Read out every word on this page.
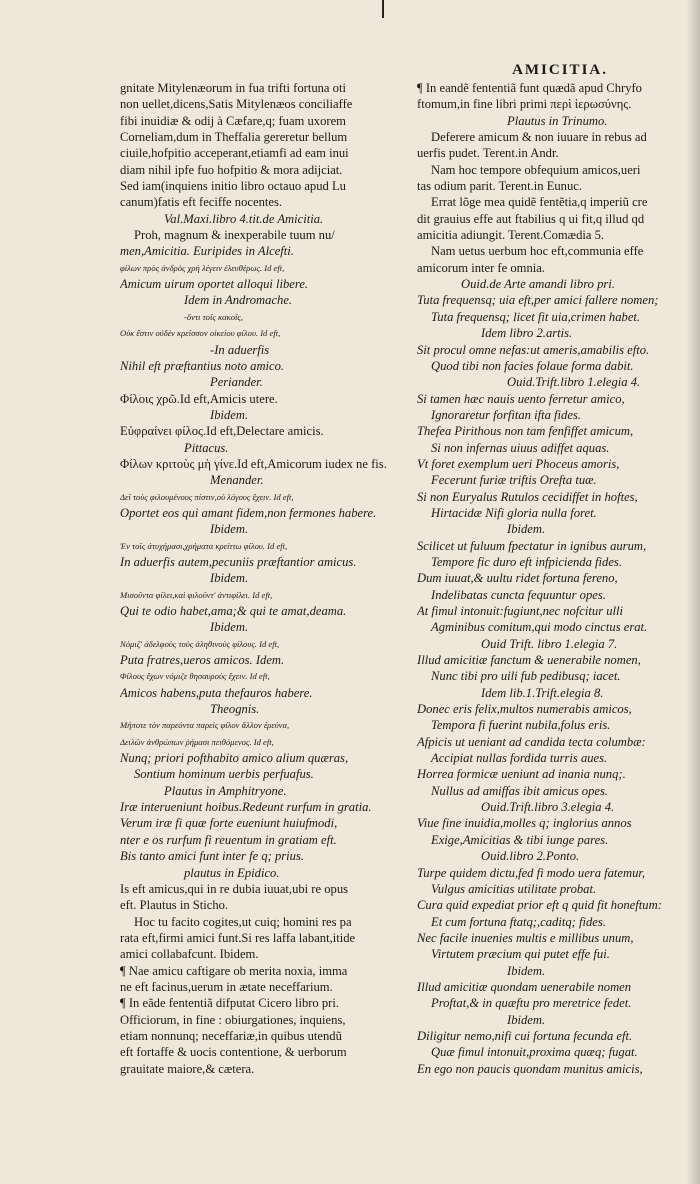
AMICITIA.
gnitate Mitylenæorum in fua trifti fortuna oti
non uellet,dicens,Satis Mitylenæos conciliaffe
fibi inuidiæ & odij à Cæfare,q; fuam uxorem
Corneliam,dum in Theffalia gereretur bellum
ciuile,hofpitio acceperant,etiamfi ad eam inui
diam nihil ipfe fuo hofpitio & mora adijciat.
Sed iam(inquiens initio libro octauo apud Lu
canum)fatis eft feciffe nocentes.
Val.Maxi.libro 4.tit.de Amicitia.
Proh, magnum & inexperabile tuum nu/
men,Amicitia. Euripides in Alcefti.
φίλων πρὸς ἀνδρὸς χρὴ λέγειν ἐλευθέρως. Id eft,
Amicum uirum oportet alloqui libere.
Idem in Andromache.
-ὄντι τοῖς κακοῖς,
Οὐκ ἔστιν οὐδὲν κρεῖσσον οἰκείου φίλου. Id eft,
-In aduerfis
Nihil eft præftantius noto amico.
Periander.
Φίλοις χρῶ.Id eft,Amicis utere.
Ibidem.
Εὐφραίνει φίλος.Id eft,Delectare amicis.
Pittacus.
Φίλων κριτοὺς μὴ γίνε.Id eft,Amicorum iudex ne fis.
Menander.
Δεῖ τοὺς φιλουμένους πίστιν,οὐ λόγους ἔχειν. Id eft,
Oportet eos qui amant fidem,non fermones habere.
Ibidem.
Ἐν τοῖς ἀτυχήμασι,χρήματα κρείττω φίλου. Id eft,
In aduerfis autem,pecuniis præftantior amicus.
Ibidem.
Μισοῦντα φίλει,καὶ φιλοῦντ' ἀντιφίλει. Id eft,
Qui te odio habet,ama;& qui te amat,deama.
Ibidem.
Νόμιζ' ἀδελφοὺς τοὺς ἀληθινοὺς φίλους. Id eft,
Puta fratres,ueros amicos. Idem.
Φίλους ἔχων νόμιζε θησαυροὺς ἔχειν. Id eft,
Amicos habens,puta thefauros habere.
Theognis.
Μήποτε τὸν παρεόντα παρεὶς φίλον ἄλλον ἐρεύνα,
Δειλῶν ἀνθρώπων ῥήμασι πειθόμενος. Id eft,
Nunq; priori pofthabito amico alium quæras,
Sontium hominum uerbis perfuafus.
Plautus in Amphitryone.
Iræ interueniunt hoibus.Redeunt rurfum in gratia.
Verum iræ fi quæ forte eueniunt huiufmodi,
nter e os rurfum fi reuentum in gratiam eft.
Bis tanto amici funt inter fe q; prius.
plautus in Epidico.
Is eft amicus,qui in re dubia iuuat,ubi re opus
eft. Plautus in Sticho.
Hoc tu facito cogites,ut cuiq; homini res pa
rata eft,firmi amici funt.Si res laffa labant,itide
amici collabafcunt. Ibidem.
¶ Nae amicu caftigare ob merita noxia, imma
ne eft facinus,uerum in ætate neceffarium.
¶ In eãde fententiã difputat Cicero libro pri.
Officiorum, in fine : obiurgationes, inquiens,
etiam nonnunq; neceffariæ,in quibus utendũ
eft fortaffe & uocis contentione, & uerborum
grauitate maiore,& cætera.
¶ In eandẽ fententiã funt quædã apud Chryfo
ftomum,in fine libri primi περὶ ἱερωσύνης.
Plautus in Trinumo.
Deferere amicum & non iuuare in rebus ad
uerfis pudet. Terent.in Andr.
Nam hoc tempore obfequium amicos,ueri
tas odium parit. Terent.in Eunuc.
Errat lõge mea quidẽ fentẽtia,q imperiũ cre
dit grauius effe aut ftabilius q ui fit,q illud qd
amicitia adiungit. Terent.Comædia 5.
Nam uetus uerbum hoc eft,communia effe
amicorum inter fe omnia.
Ouid.de Arte amandi libro pri.
Tuta frequensq; uia eft,per amici fallere nomen;
Tuta frequensq; licet fit uia,crimen habet.
Idem libro 2.artis.
Sit procul omne nefas:ut ameris,amabilis efto.
Quod tibi non facies folaue forma dabit.
Ouid.Trift.libro 1.elegia 4.
Si tamen hæc nauis uento ferretur amico,
Ignoraretur forfitan ifta fides.
Thefea Pirithous non tam fenfiffet amicum,
Si non infernas uiuus adiffet aquas.
Vt foret exemplum ueri Phoceus amoris,
Fecerunt furiæ triftis Orefta tuæ.
Si non Euryalus Rutulos cecidiffet in hoftes,
Hirtacidæ Nifi gloria nulla foret.
Ibidem.
Scilicet ut fuluum fpectatur in ignibus aurum,
Tempore fic duro eft infpicienda fides.
Dum iuuat,& uultu ridet fortuna fereno,
Indelibatas cuncta fequuntur opes.
At fimul intonuit:fugiunt,nec nofcitur ulli
Agminibus comitum,qui modo cinctus erat.
Ouid Trift. libro 1.elegia 7.
Illud amicitiæ fanctum & uenerabile nomen,
Nunc tibi pro uili fub pedibusq; iacet.
Idem lib.1.Trift.elegia 8.
Donec eris felix,multos numerabis amicos,
Tempora fi fuerint nubila,folus eris.
Afpicis ut ueniant ad candida tecta columbæ:
Accipiat nullas fordida turris aues.
Horrea formicæ ueniunt ad inania nunq;.
Nullus ad amiffas ibit amicus opes.
Ouid.Trift.libro 3.elegia 4.
Viue fine inuidia,molles q; inglorius annos
Exige,Amicitias & tibi iunge pares.
Ouid.libro 2.Ponto.
Turpe quidem dictu,fed fi modo uera fatemur,
Vulgus amicitias utilitate probat.
Cura quid expediat prior eft q quid fit honeftum:
Et cum fortuna ftatq;,caditq; fides.
Nec facile inuenies multis e millibus unum,
Virtutem præcium qui putet effe fui.
Ibidem.
Illud amicitiæ quondam uenerabile nomen
Proftat,& in quæftu pro meretrice fedet.
Ibidem.
Diligitur nemo,nifi cui fortuna fecunda eft.
Quæ fimul intonuit,proxima quæq; fugat.
En ego non paucis quondam munitus amicis,
